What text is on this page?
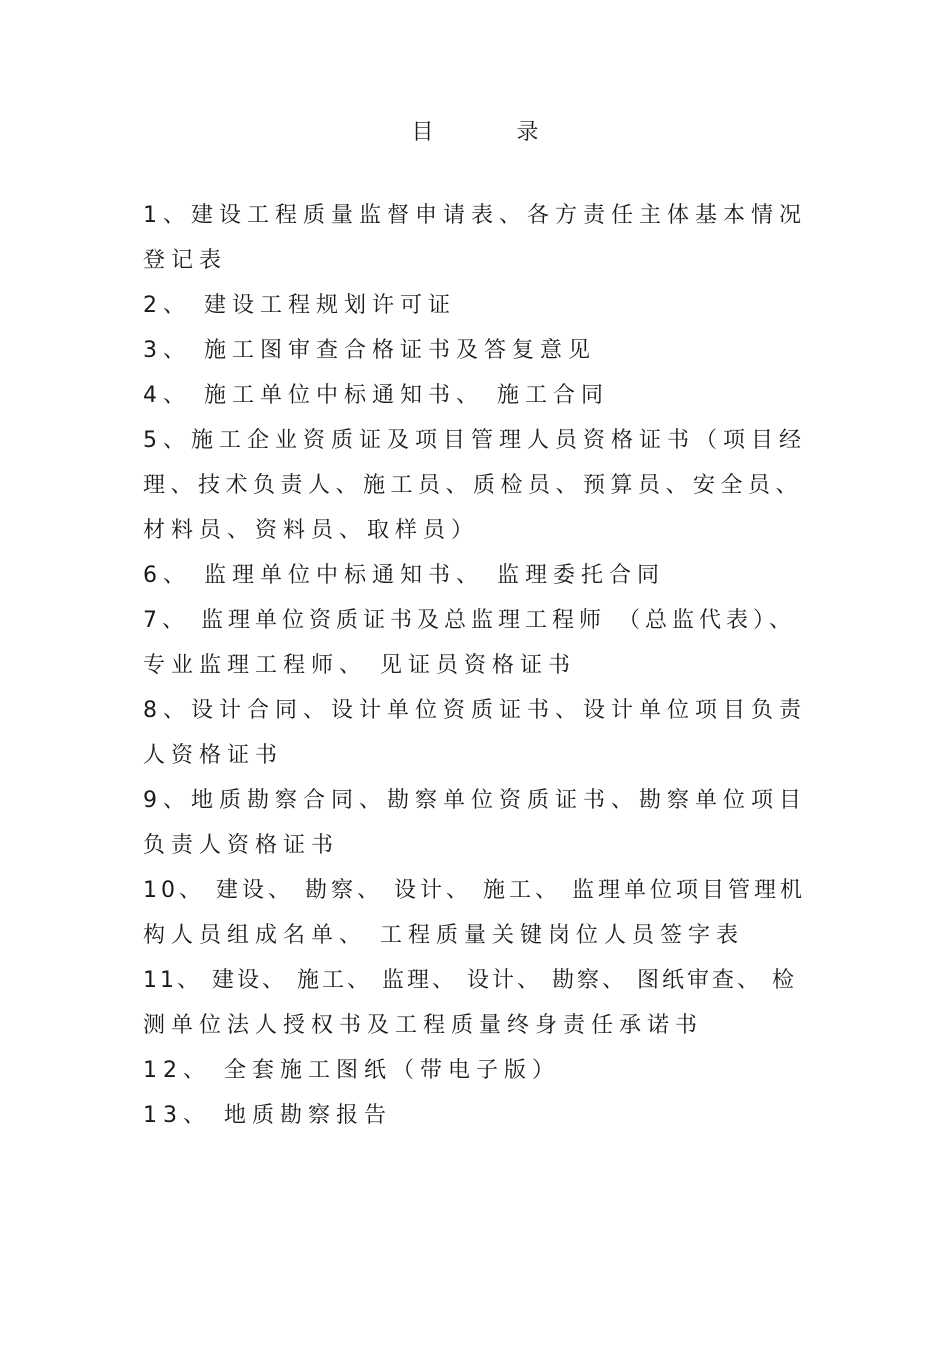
目 录
1、建设工程质量监督申请表、各方责任主体基本情况
登记表
2、 建设工程规划许可证
3、 施工图审查合格证书及答复意见
4、 施工单位中标通知书、 施工合同
5、施工企业资质证及项目管理人员资格证书（项目经
理、技术负责人、施工员、质检员、预算员、安全员、
材料员、资料员、取样员）
6、 监理单位中标通知书、 监理委托合同
7、 监理单位资质证书及总监理工程师 （总监代表）、
专业监理工程师、 见证员资格证书
8、设计合同、设计单位资质证书、设计单位项目负责
人资格证书
9、地质勘察合同、勘察单位资质证书、勘察单位项目
负责人资格证书
10、 建设、 勘察、 设计、 施工、 监理单位项目管理机
构人员组成名单、 工程质量关键岗位人员签字表
11、 建设、 施工、 监理、 设计、 勘察、 图纸审查、 检
测单位法人授权书及工程质量终身责任承诺书
12、 全套施工图纸（带电子版）
13、 地质勘察报告
